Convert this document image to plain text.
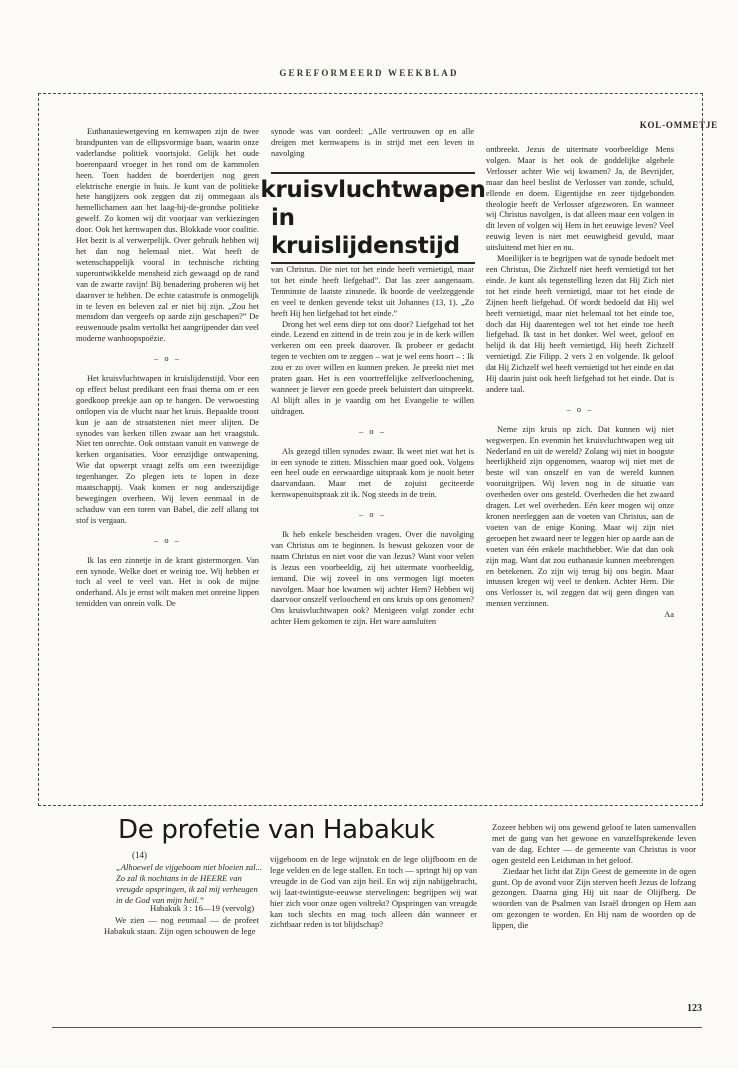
GEREFORMEERD WEEKBLAD
KOL-OMMETJE

Euthanasiewetgeving en kernwapen zijn de twee brandpunten van de ellipsvormige baan, waarin onze vaderlandse politiek voortsjokt. Gelijk het oude boerenpaard vroeger in het rond om de karnmolen heen. Toen hadden de boerderijen nog geen elektrische energie in huis. Je kunt van de politieke hete hangijzers ook zeggen dat zij ommegaan als hemellichamen aan het laag-bij-de-grondse politieke gewelf. Zo komen wij dit voorjaar van verkiezingen door. Ook het kernwapen dus. Blokkade voor coalitie. Het bezit is al verwerpelijk. Over gebruik hebben wij het dan nog helemaal niet. Wat heeft de wetenschappelijk vooral in technische richting superontwikkelde mensheid zich gewaagd op de rand van de zwarte ravijn! Bij benadering proberen wij het daarover te hebben. De echte catastrofe is onmogelijk in te leven en beleven zal er niet bij zijn. „Zou het mensdom dan vergeefs op aarde zijn geschapen?” De eeuwenoude psalm vertolkt het aangrijpender dan veel moderne wanhoopspoëzie.

– o –

Het kruisvluchtwapen in kruislijdenstijd. Voor een op effect belust predikant een fraai thema om er een goedkoop preekje aan op te hangen. De verwoesting ontlopen via de vlucht naar het kruis. Bepaalde troost kun je aan de straatstenen niet meer slijten. De synodes van kerken tillen zwaar aan het vraagstuk. Niet ten onrechte. Ook ontstaan vanuit en vanwege de kerken organisaties. Voor eenzijdige ontwapening. Wie dat opwerpt vraagt zelfs om een tweezijdige tegenhanger. Zo plegen iets te lopen in deze maatschappij. Vaak komen er nog anderszijdige bewegingen overheen. Wij leven eenmaal in de schaduw van een toren van Babel, die zelf allang tot stof is vergaan.

– o –

Ik las een zinnetje in de krant gistermorgen. Van een synode. Welke doet er weinig toe. Wij hebben er toch al veel te veel van. Het is ook de mijne onderhand. Als je ernst wilt maken met onreine lippen temidden van onrein volk. De

synode was van oordeel: „Alle vertrouwen op en alle dreigen met kernwapens is in strijd met een leven in navolging

kruisvluchtwapen
in kruislijdenstijd

van Christus. Die niet tot het einde heeft vernietigd, maar tot het einde heeft liefgehad”. Dat las zeer aangenaam. Tenminste de laatste zinsnede. Ik hoorde de veelzeggende en veel te denken gevende tekst uit Johannes (13, 1). „Zo heeft Hij hen liefgehad tot het einde.”

Drong het wel eens diep tot ons door? Liefgehad tot het einde. Lezend en zittend in de trein zou je in de kerk willen verkeren om een preek daarover. Ik probeer er gedacht tegen te vechten om te zeggen – wat je wel eens hoort – : Ik zou er zo over willen en kunnen preken. Je preekt niet met praten gaan. Het is een voortreffelijke zelfverloochening, wanneer je liever een goede preek beluistert dan uitspreekt. Al blijft alles in je vaardig om het Evangelie te willen uitdragen.

– o –

Als gezegd tillen synodes zwaar. Ik weet niet wat het is in een synode te zitten. Misschien maar goed ook. Volgens een heel oude en eerwaardige uitspraak kom je nooit beter daarvandaan. Maar met de zojuist geciteerde kernwapenuitspraak zit ik. Nog steeds in de trein.

– o –

Ik heb enkele bescheiden vragen. Over die navolging van Christus om te beginnen. Is bewust gekozen voor de naam Christus en niet voor die van Jezus? Want voor velen is Jezus een voorbeeldig, zij het uitermate voorbeeldig, iemand. Die wij zoveel in ons vermogen ligt moeten navolgen. Maar hoe kwamen wij achter Hem? Hebben wij daarvoor onszelf verloochend en ons kruis op ons genomen? Ons kruisvluchtwapen ook? Menigeen volgt zonder echt achter Hem gekomen te zijn. Het ware aansluiten

ontbreekt. Jezus de uitermate voorbeeldige Mens volgen. Maar is het ook de goddelijke algehele Verlosser achter Wie wij kwamen? Ja, de Bevrijder, maar dan heel beslist de Verlosser van zonde, schuld, ellende en doem. Eigentijdse en zeer tijdgebonden theologie heeft de Verlosser afgezworen. En wanneer wij Christus navolgen, is dat alleen maar een volgen in dit leven of volgen wij Hem in het eeuwige leven? Veel eeuwig leven is niet met eeuwigheid gevuld, maar uitsluitend met hier en nu.

Moeilijker is te begrijpen wat de synode bedoelt met een Christus, Die Zichzelf niet heeft vernietigd tot het einde. Je kunt als tegenstelling lezen dat Hij Zich niet tot het einde heeft vernietigd, maar tot het einde de Zijnen heeft liefgehad. Of wordt bedoeld dat Hij wel heeft vernietigd, maar niet helemaal tot het einde toe, doch dat Hij daarentegen wel tot het einde toe heeft liefgehad. Ik tast in het donker. Wel weet, geloof en belijd ik dat Hij heeft vernietigd, Hij heeft Zichzelf vernietigd. Zie Filipp. 2 vers 2 en volgende. Ik geloof dat Hij Zichzelf wel heeft vernietigd tot het einde en dat Hij daarin juist ook heeft liefgehad tot het einde. Dat is andere taal.

– o –

Neme zijn kruis op zich. Dat kunnen wij niet wegwerpen. En evenmin het kruisvluchtwapen weg uit Nederland en uit de wereld? Zolang wij niet in hoogste heerlijkheid zijn opgenomen, waarop wij niet met de beste wil van onszelf en van de wereld kunnen vooruitgrijpen. Wij leven nog in de situatie van overheden over ons gesteld. Overheden die het zwaard dragen. Let wel overheden. Eén keer mogen wij onze kronen neerleggen aan de voeten van Christus, aan de voeten van de enige Koning. Maar wij zijn niet geroepen het zwaard neer te leggen hier op aarde aan de voeten van één enkele machthebber. Wie dat dan ook zijn mag. Want dat zou euthanasie kunnen meebrengen en betekenen. Zo zijn wij terug bij ons begin. Maar intussen kregen wij veel te denken. Achter Hem. Die ons Verlosser is, wil zeggen dat wij geen dingen van mensen verzinnen.

Aa

De profetie van Habakuk
(14)
„Alhoewel de vijgeboom niet bloeien zal... Zo zal ik nochtans in de HEERE van vreugde opspringen, ik zal mij verheugen in de God van mijn heil.”
Habakuk 3 : 16—19 (vervolg)

We zien — nog eenmaal — de profeet Habakuk staan. Zijn ogen schouwen de lege

vijgeboom en de lege wijnstok en de lege olijfboom en de lege velden en de lege stallen. En toch — springt hij op van vreugde in de God van zijn heil. En wij zijn nabijgebracht, wij laat-twintigste-eeuwse stervelingen: begrijpen wij wat hier zich voor onze ogen voltrekt? Opspringen van vreugde kan toch slechts en mag toch alleen dán wanneer er zichtbaar reden is tot blijdschap?

Zozeer hebben wij ons gewend geloof te laten samenvallen met de gang van het gewone en vanzelfsprekende leven van de dag. Echter — de gemeente van Christus is voor ogen gesteld een Leidsman in het geloof.

Ziedaar het licht dat Zijn Geest de gemeente in de ogen gunt. Op de avond voor Zijn sterven heeft Jezus de lofzang gezongen. Daarna ging Hij uit naar de Olijfberg. De woorden van de Psalmen van Israël drongen op Hem aan om gezongen te worden. En Hij nam de woorden op de lippen, die

123
